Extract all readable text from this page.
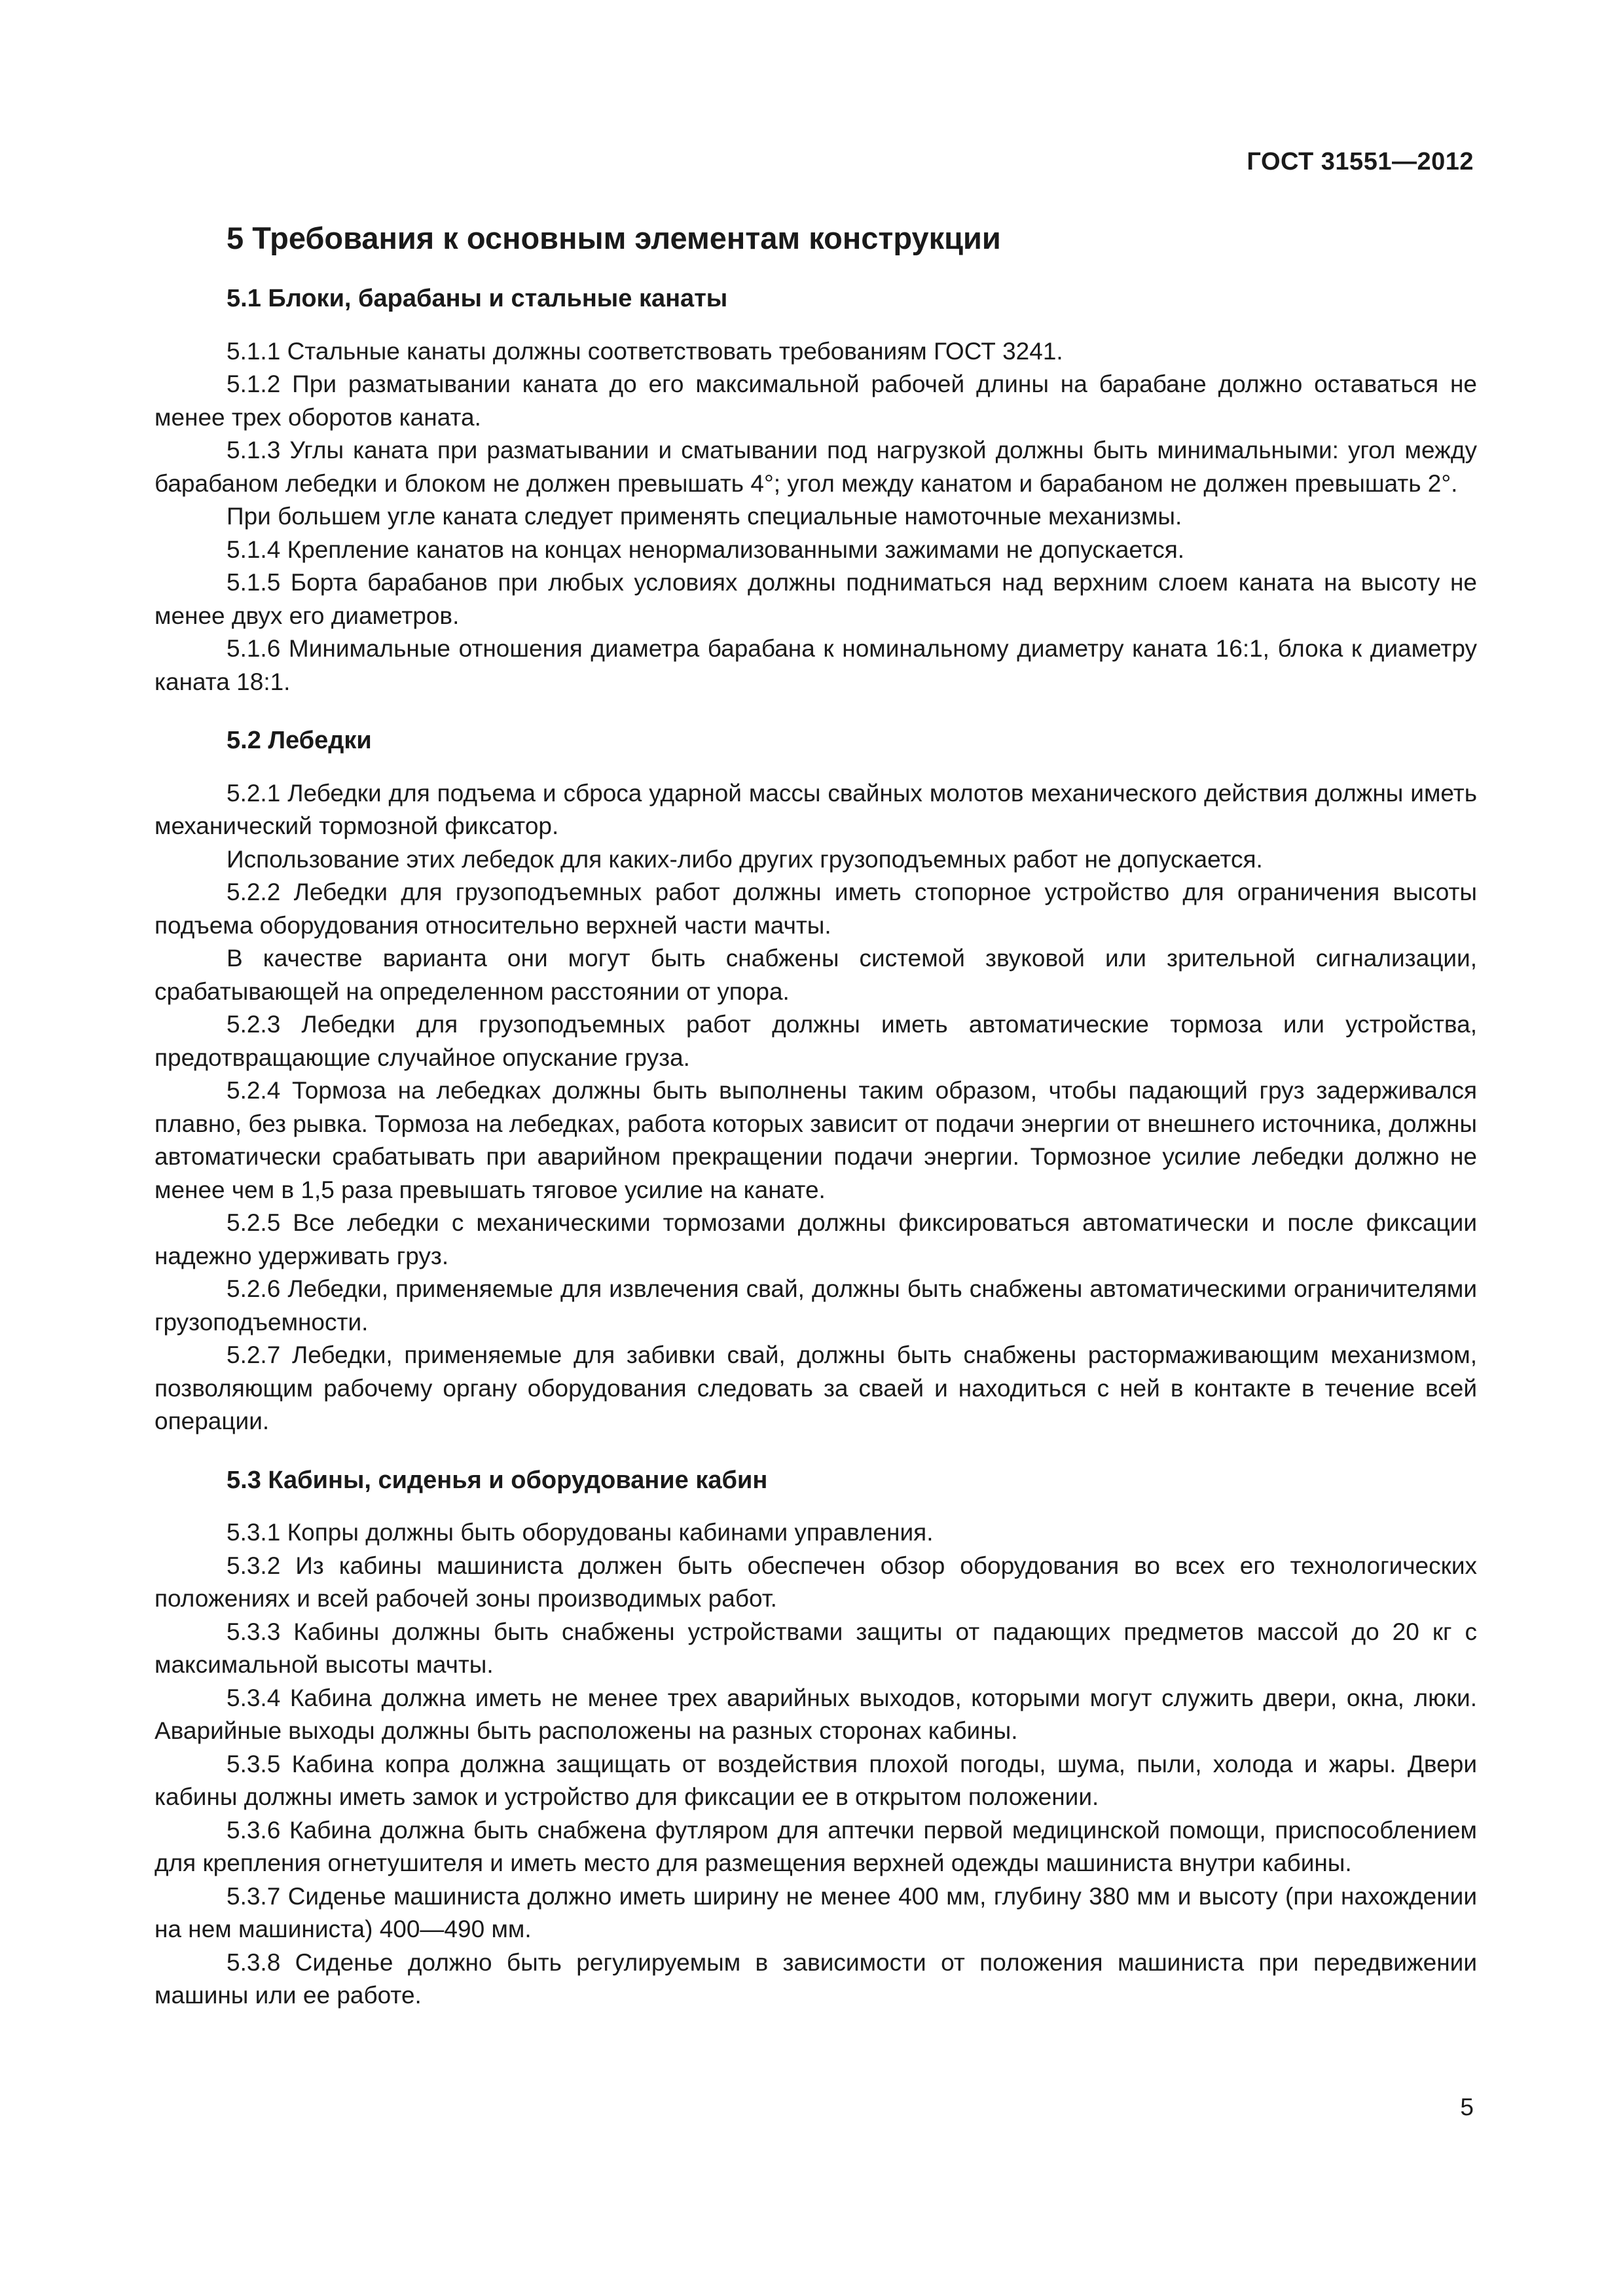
ГОСТ 31551—2012
5 Требования к основным элементам конструкции
5.1 Блоки, барабаны и стальные канаты

5.1.1 Стальные канаты должны соответствовать требованиям ГОСТ 3241.

5.1.2 При разматывании каната до его максимальной рабочей длины на барабане должно оставаться не менее трех оборотов каната.

5.1.3 Углы каната при разматывании и сматывании под нагрузкой должны быть минимальными: угол между барабаном лебедки и блоком не должен превышать 4°; угол между канатом и барабаном не должен превышать 2°.

При большем угле каната следует применять специальные намоточные механизмы.

5.1.4 Крепление канатов на концах ненормализованными зажимами не допускается.

5.1.5 Борта барабанов при любых условиях должны подниматься над верхним слоем каната на высоту не менее двух его диаметров.

5.1.6 Минимальные отношения диаметра барабана к номинальному диаметру каната 16:1, блока к диаметру каната 18:1.

5.2 Лебедки

5.2.1 Лебедки для подъема и сброса ударной массы свайных молотов механического действия должны иметь механический тормозной фиксатор.

Использование этих лебедок для каких-либо других грузоподъемных работ не допускается.

5.2.2 Лебедки для грузоподъемных работ должны иметь стопорное устройство для ограничения высоты подъема оборудования относительно верхней части мачты.

В качестве варианта они могут быть снабжены системой звуковой или зрительной сигнализации, срабатывающей на определенном расстоянии от упора.

5.2.3 Лебедки для грузоподъемных работ должны иметь автоматические тормоза или устройства, предотвращающие случайное опускание груза.

5.2.4 Тормоза на лебедках должны быть выполнены таким образом, чтобы падающий груз задерживался плавно, без рывка. Тормоза на лебедках, работа которых зависит от подачи энергии от внешнего источника, должны автоматически срабатывать при аварийном прекращении подачи энергии. Тормозное усилие лебедки должно не менее чем в 1,5 раза превышать тяговое усилие на канате.

5.2.5 Все лебедки с механическими тормозами должны фиксироваться автоматически и после фиксации надежно удерживать груз.

5.2.6 Лебедки, применяемые для извлечения свай, должны быть снабжены автоматическими ограничителями грузоподъемности.

5.2.7 Лебедки, применяемые для забивки свай, должны быть снабжены растормаживающим механизмом, позволяющим рабочему органу оборудования следовать за сваей и находиться с ней в контакте в течение всей операции.

5.3 Кабины, сиденья и оборудование кабин

5.3.1 Копры должны быть оборудованы кабинами управления.

5.3.2 Из кабины машиниста должен быть обеспечен обзор оборудования во всех его технологических положениях и всей рабочей зоны производимых работ.

5.3.3 Кабины должны быть снабжены устройствами защиты от падающих предметов массой до 20 кг с максимальной высоты мачты.

5.3.4 Кабина должна иметь не менее трех аварийных выходов, которыми могут служить двери, окна, люки. Аварийные выходы должны быть расположены на разных сторонах кабины.

5.3.5 Кабина копра должна защищать от воздействия плохой погоды, шума, пыли, холода и жары. Двери кабины должны иметь замок и устройство для фиксации ее в открытом положении.

5.3.6 Кабина должна быть снабжена футляром для аптечки первой медицинской помощи, приспособлением для крепления огнетушителя и иметь место для размещения верхней одежды машиниста внутри кабины.

5.3.7 Сиденье машиниста должно иметь ширину не менее 400 мм, глубину 380 мм и высоту (при нахождении на нем машиниста) 400—490 мм.

5.3.8 Сиденье должно быть регулируемым в зависимости от положения машиниста при передвижении машины или ее работе.

5
